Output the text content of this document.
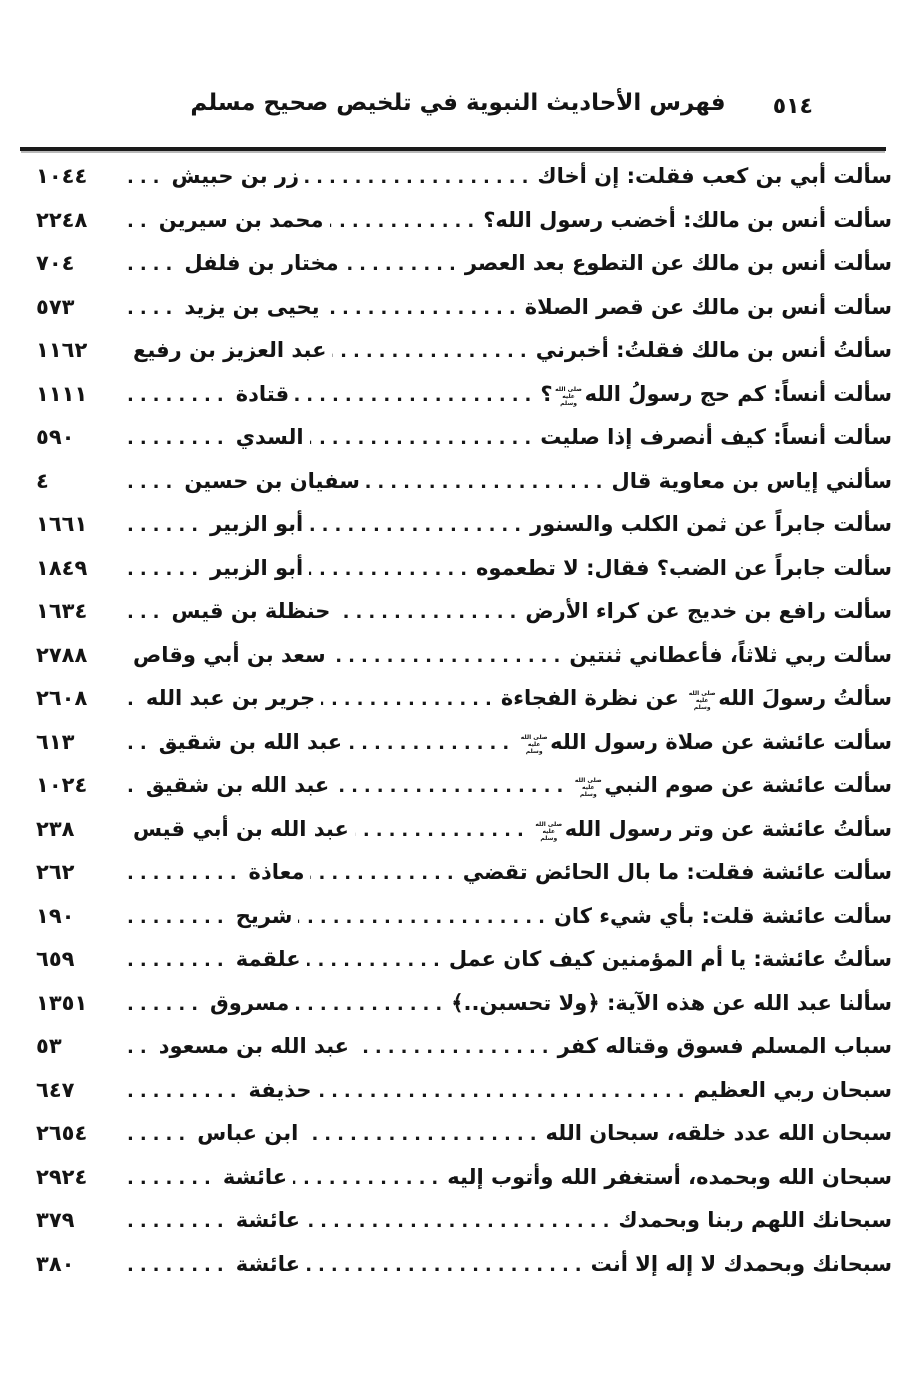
فهرس الأحاديث النبوية في تلخيص صحيح مسلم	٥١٤
سألت أبي بن كعب فقلت: إن أخاك
.....
زر بن حبيش
...
١٠٤٤
سألت أنس بن مالك: أخضب رسول الله؟
.....
محمد بن سيرين
..
٢٢٤٨
سألت أنس بن مالك عن التطوع بعد العصر
.....
مختار بن فلفل
....
٧٠٤
سألت أنس بن مالك عن قصر الصلاة
.....
يحيى بن يزيد
....
٥٧٣
سألتُ أنس بن مالك فقلتُ: أخبرني
.....
عبد العزيز بن رفيع
١١٦٢
سألت أنساً: كم حج رسولُ اللهصلى الله عليه وسلم؟
.....
قتادة
........
١١١١
سألت أنساً: كيف أنصرف إذا صليت
.....
السدي
........
٥٩٠
سألني إياس بن معاوية قال
.....
سفيان بن حسين
....
٤
سألت جابراً عن ثمن الكلب والسنور
.....
أبو الزبير
......
١٦٦١
سألت جابراً عن الضب؟ فقال: لا تطعموه
.....
أبو الزبير
......
١٨٤٩
سألت رافع بن خديج عن كراء الأرض
.....
حنظلة بن قيس
...
١٦٣٤
سألت ربي ثلاثاً، فأعطاني ثنتين
.....
سعد بن أبي وقاص
٢٧٨٨
سألتُ رسولَ اللهصلى الله عليه وسلم عن نظرة الفجاءة
.....
جرير بن عبد الله
.
٢٦٠٨
سألت عائشة عن صلاة رسول اللهصلى الله عليه وسلم
.....
عبد الله بن شقيق
..
٦١٣
سألت عائشة عن صوم النبيصلى الله عليه وسلم
.....
عبد الله بن شقيق
.
١٠٢٤
سألتُ عائشة عن وتر رسول اللهصلى الله عليه وسلم
.....
عبد الله بن أبي قيس
٢٣٨
سألت عائشة فقلت: ما بال الحائض تقضي
.....
معاذة
.........
٢٦٢
سألت عائشة قلت: بأي شيء كان
.....
شريح
........
١٩٠
سألتُ عائشة: يا أم المؤمنين كيف كان عمل
.....
علقمة
........
٦٥٩
سألنا عبد الله عن هذه الآية: ﴿ولا تحسبن..﴾
.....
مسروق
......
١٣٥١
سباب المسلم فسوق وقتاله كفر
.....
عبد الله بن مسعود
..
٥٣
سبحان ربي العظيم
.....
حذيفة
.........
٦٤٧
سبحان الله عدد خلقه، سبحان الله
.....
ابن عباس
.....
٢٦٥٤
سبحان الله وبحمده، أستغفر الله وأتوب إليه
.....
عائشة
.......
٢٩٢٤
سبحانك اللهم ربنا وبحمدك
.....
عائشة
........
٣٧٩
سبحانك وبحمدك لا إله إلا أنت
.....
عائشة
........
٣٨٠
